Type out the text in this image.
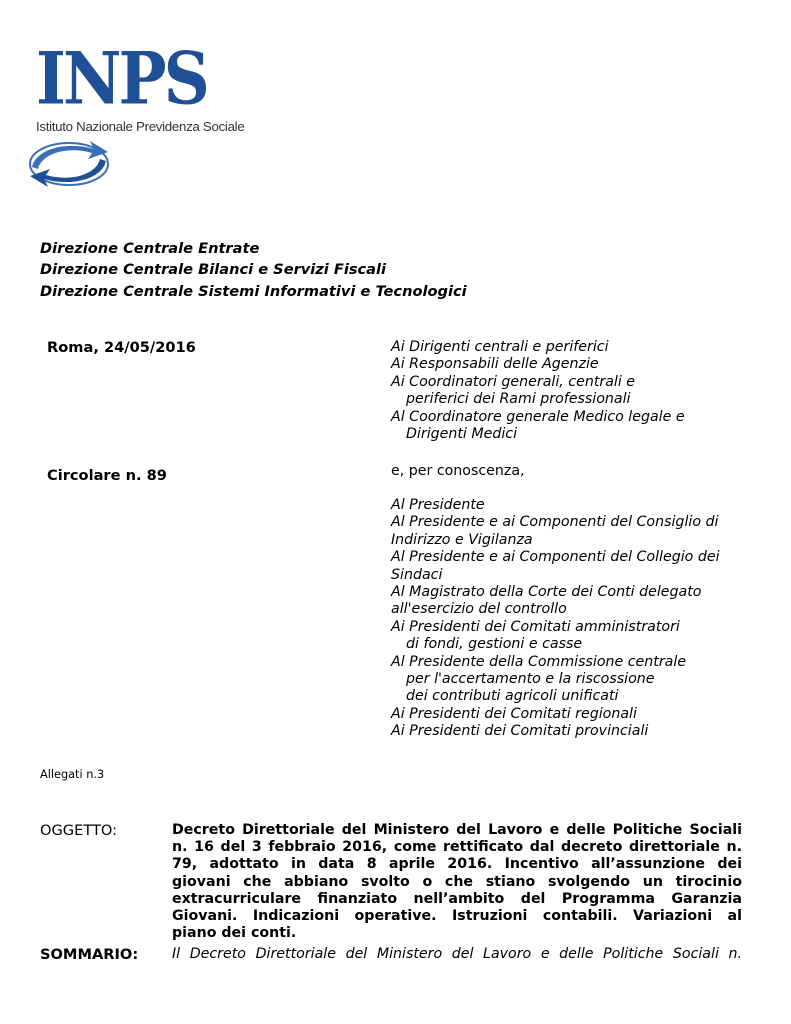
INPS
Istituto Nazionale Previdenza Sociale
Direzione Centrale Entrate
Direzione Centrale Bilanci e Servizi Fiscali
Direzione Centrale Sistemi Informativi e Tecnologici
Roma, 24/05/2016
Circolare n. 89
Ai Dirigenti centrali e periferici
Ai Responsabili delle Agenzie
Ai Coordinatori generali, centrali e
periferici dei Rami professionali
Al Coordinatore generale Medico legale e
Dirigenti Medici
e, per conoscenza,
Al Presidente
Al Presidente e ai Componenti del Consiglio di
Indirizzo e Vigilanza
Al Presidente e ai Componenti del Collegio dei
Sindaci
Al Magistrato della Corte dei Conti delegato
all'esercizio del controllo
Ai Presidenti dei Comitati amministratori
di fondi, gestioni e casse
Al Presidente della Commissione centrale
per l'accertamento e la riscossione
dei contributi agricoli unificati
Ai Presidenti dei Comitati regionali
Ai Presidenti dei Comitati provinciali
Allegati n.3
OGGETTO:	Decreto Direttoriale del Ministero del Lavoro e delle Politiche Sociali
n. 16 del 3 febbraio 2016, come rettificato dal decreto direttoriale n.
79, adottato in data 8 aprile 2016. Incentivo all’assunzione dei
giovani che abbiano svolto o che stiano svolgendo un tirocinio
extracurriculare finanziato nell’ambito del Programma Garanzia
Giovani. Indicazioni operative. Istruzioni contabili. Variazioni al
piano dei conti.
SOMMARIO: Il Decreto Direttoriale del Ministero del Lavoro e delle Politiche Sociali n.
